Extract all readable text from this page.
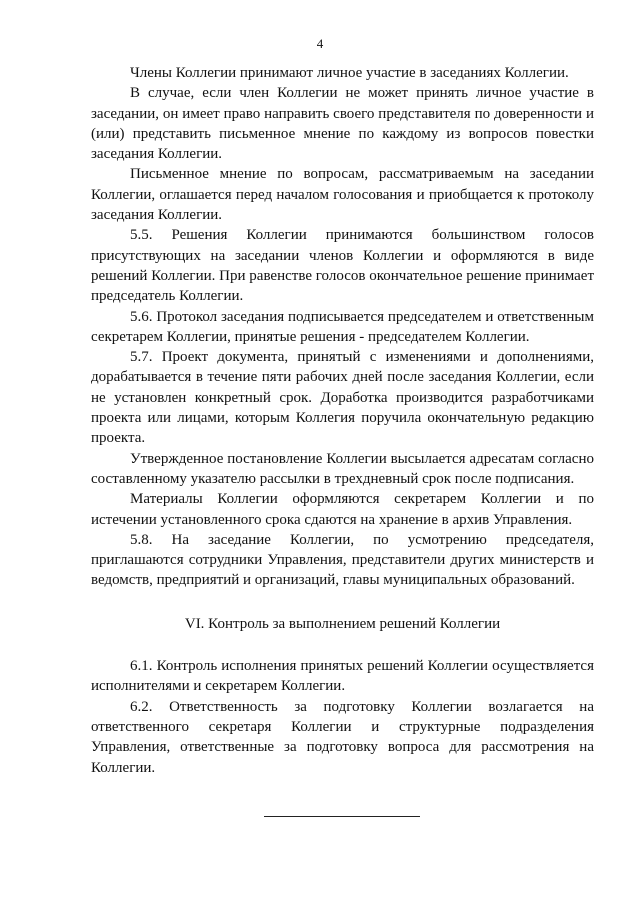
4

Члены Коллегии принимают личное участие в заседаниях Коллегии.

В случае, если член Коллегии не может принять личное участие в заседании, он имеет право направить своего представителя по доверенности и (или) представить письменное мнение по каждому из вопросов повестки заседания Коллегии.

Письменное мнение по вопросам, рассматриваемым на заседании Коллегии, оглашается перед началом голосования и приобщается к протоколу заседания Коллегии.

5.5. Решения Коллегии принимаются большинством голосов присутствующих на заседании членов Коллегии и оформляются в виде решений Коллегии. При равенстве голосов окончательное решение принимает председатель Коллегии.

5.6. Протокол заседания подписывается председателем и ответственным секретарем Коллегии, принятые решения - председателем Коллегии.

5.7. Проект документа, принятый с изменениями и дополнениями, дорабатывается в течение пяти рабочих дней после заседания Коллегии, если не установлен конкретный срок. Доработка производится разработчиками проекта или лицами, которым Коллегия поручила окончательную редакцию проекта.

Утвержденное постановление Коллегии высылается адресатам согласно составленному указателю рассылки в трехдневный срок после подписания.

Материалы Коллегии оформляются секретарем Коллегии и по истечении установленного срока сдаются на хранение в архив Управления.

5.8. На заседание Коллегии, по усмотрению председателя, приглашаются сотрудники Управления, представители других министерств и ведомств, предприятий и организаций, главы муниципальных образований.

VI. Контроль за выполнением решений Коллегии

6.1. Контроль исполнения принятых решений Коллегии осуществляется исполнителями и секретарем Коллегии.

6.2. Ответственность за подготовку Коллегии возлагается на ответственного секретаря Коллегии и структурные подразделения Управления, ответственные за подготовку вопроса для рассмотрения на Коллегии.
